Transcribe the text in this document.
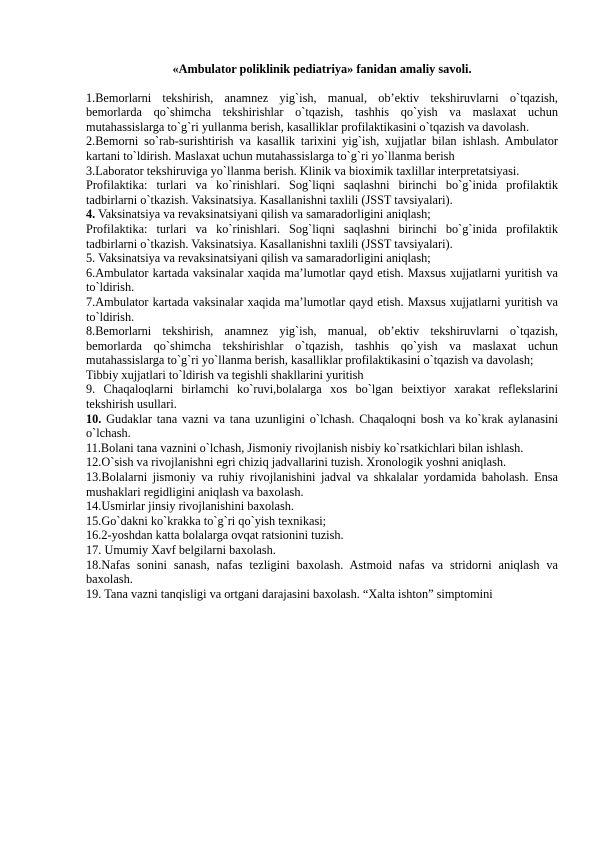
«Ambulator poliklinik pediatriya» fanidan amaliy savoli.

1.Bemorlarni tekshirish, anamnez yig`ish, manual, ob’ektiv tekshiruvlarni o`tqazish, bemorlarda qo`shimcha tekshirishlar o`tqazish, tashhis qo`yish va maslaxat uchun mutahassislarga to`g`ri yullanma berish, kasalliklar profilaktikasini o`tqazish va davolash.

2.Bemorni so`rab-surishtirish va kasallik tarixini yig`ish, xujjatlar bilan ishlash. Ambulator kartani to`ldirish. Maslaxat uchun mutahassislarga to`g`ri yo`llanma berish

3.Laborator tekshiruviga yo`llanma berish. Klinik va bioximik taxlillar interpretatsiyasi.

Profilaktika: turlari va ko`rinishlari. Sog`liqni saqlashni birinchi bo`g`inida profilaktik tadbirlarni o`tkazish. Vaksinatsiya. Kasallanishni taxlili (JSST tavsiyalari).

4. Vaksinatsiya va revaksinatsiyani qilish va samaradorligini aniqlash;

Profilaktika: turlari va ko`rinishlari. Sog`liqni saqlashni birinchi bo`g`inida profilaktik tadbirlarni o`tkazish. Vaksinatsiya. Kasallanishni taxlili (JSST tavsiyalari).

5. Vaksinatsiya va revaksinatsiyani qilish va samaradorligini aniqlash;

6.Ambulator kartada vaksinalar xaqida ma’lumotlar qayd etish. Maxsus xujjatlarni yuritish va to`ldirish.

7.Ambulator kartada vaksinalar xaqida ma’lumotlar qayd etish. Maxsus xujjatlarni yuritish va to`ldirish.

8.Bemorlarni tekshirish, anamnez yig`ish, manual, ob’ektiv tekshiruvlarni o`tqazish, bemorlarda qo`shimcha tekshirishlar o`tqazish, tashhis qo`yish va maslaxat uchun mutahassislarga to`g`ri yo`llanma berish, kasalliklar profilaktikasini o`tqazish va davolash;

Tibbiy xujjatlari to`ldirish va tegishli shakllarini yuritish

9. Chaqaloqlarni birlamchi ko`ruvi,bolalarga xos bo`lgan beixtiyor xarakat reflekslarini tekshirish usullari.

10. Gudaklar tana vazni va tana uzunligini o`lchash. Chaqaloqni bosh va ko`krak aylanasini o`lchash.

11.Bolani tana vaznini o`lchash, Jismoniy rivojlanish nisbiy ko`rsatkichlari bilan ishlash.

12.O`sish va rivojlanishni egri chiziq jadvallarini tuzish. Xronologik yoshni aniqlash.

13.Bolalarni jismoniy va ruhiy rivojlanishini jadval va shkalalar yordamida baholash. Ensa mushaklari regidligini aniqlash va baxolash.

14.Usmirlar jinsiy rivojlanishini baxolash.

15.Go`dakni ko`krakka to`g`ri qo`yish texnikasi;

16.2-yoshdan katta bolalarga ovqat ratsionini tuzish.

17. Umumiy Xavf belgilarni baxolash.

18.Nafas sonini sanash, nafas tezligini baxolash. Astmoid nafas va stridorni aniqlash va baxolash.

19. Tana vazni tanqisligi va ortgani darajasini baxolash. “Xalta ishton” simptomini
